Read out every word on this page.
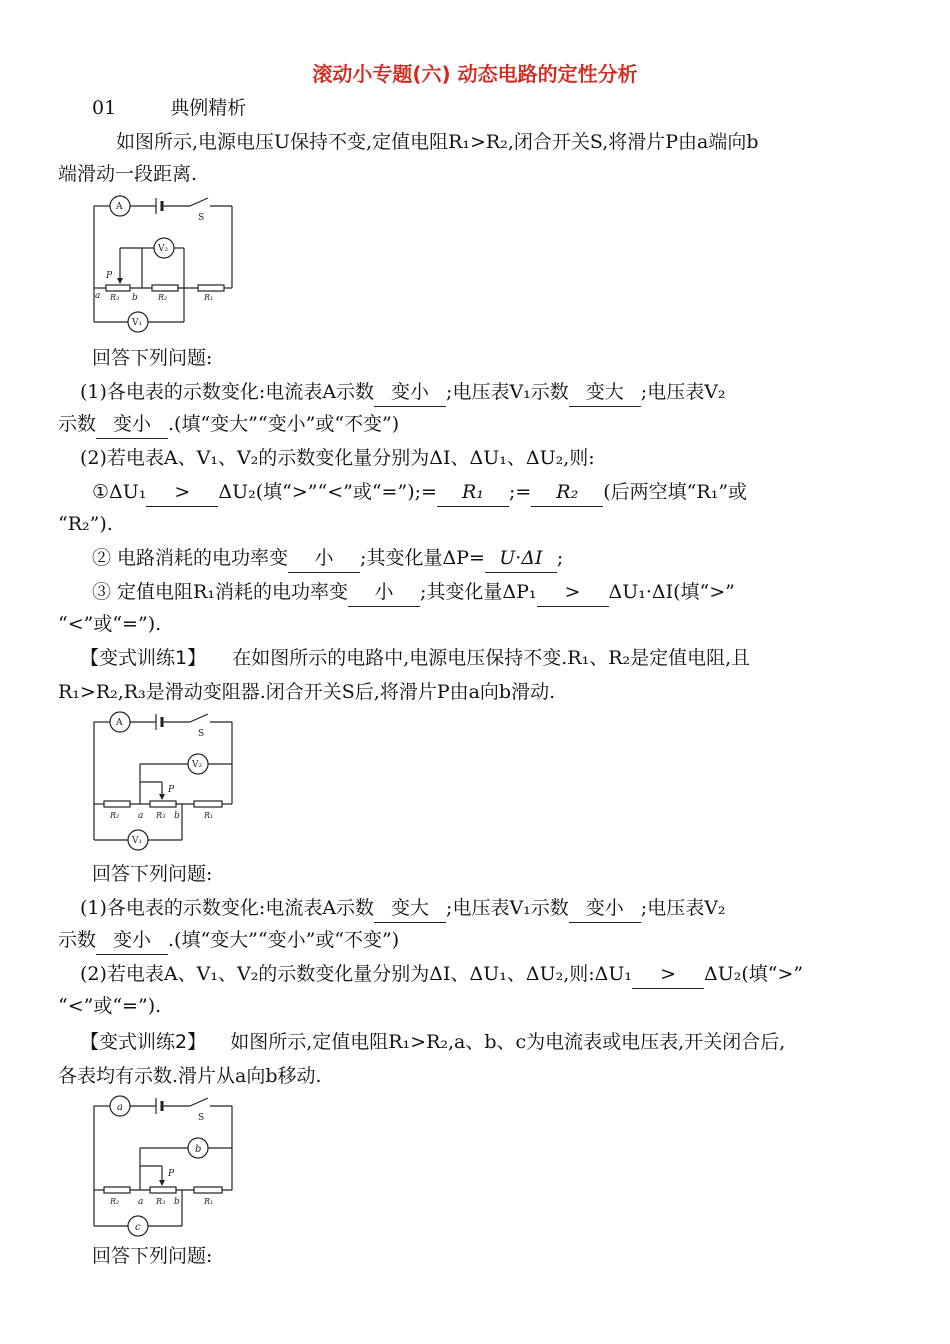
滚动小专题(六) 动态电路的定性分析
01	典例精析
如图所示,电源电压U保持不变,定值电阻R₁>R₂,闭合开关S,将滑片P由a端向b
端滑动一段距离.
A
V₂
V₁
S
P
a R₃ b	R₂	R₁
回答下列问题:
(1)各电表的示数变化:电流表A示数 变小 ;电压表V₁示数 变大 ;电压表V₂
示数 变小 .(填“变大”“变小”或“不变”)
(2)若电表A、V₁、V₂的示数变化量分别为ΔI、ΔU₁、ΔU₂,则:
①ΔU₁ > ΔU₂(填“>”“<”或“=”);= R₁ ;= R₂ (后两空填“R₁”或
“R₂”).
② 电路消耗的电功率变 小 ;其变化量ΔP= U·ΔI ;
③ 定值电阻R₁消耗的电功率变 小 ;其变化量ΔP₁ > ΔU₁·ΔI(填“>”
“<”或“=”).
【变式训练1】 在如图所示的电路中,电源电压保持不变.R₁、R₂是定值电阻,且
R₁>R₂,R₃是滑动变阻器.闭合开关S后,将滑片P由a向b滑动.
A
V₂
V₁
S
P
R₂ a R₃ b	R₁
回答下列问题:
(1)各电表的示数变化:电流表A示数 变大 ;电压表V₁示数 变小 ;电压表V₂
示数 变小 .(填“变大”“变小”或“不变”)
(2)若电表A、V₁、V₂的示数变化量分别为ΔI、ΔU₁、ΔU₂,则:ΔU₁ > ΔU₂(填“>”
“<”或“=”).
【变式训练2】 如图所示,定值电阻R₁>R₂,a、b、c为电流表或电压表,开关闭合后,
各表均有示数.滑片从a向b移动.
a
b
c
S
P
R₂ a R₃ b	R₁
回答下列问题:
